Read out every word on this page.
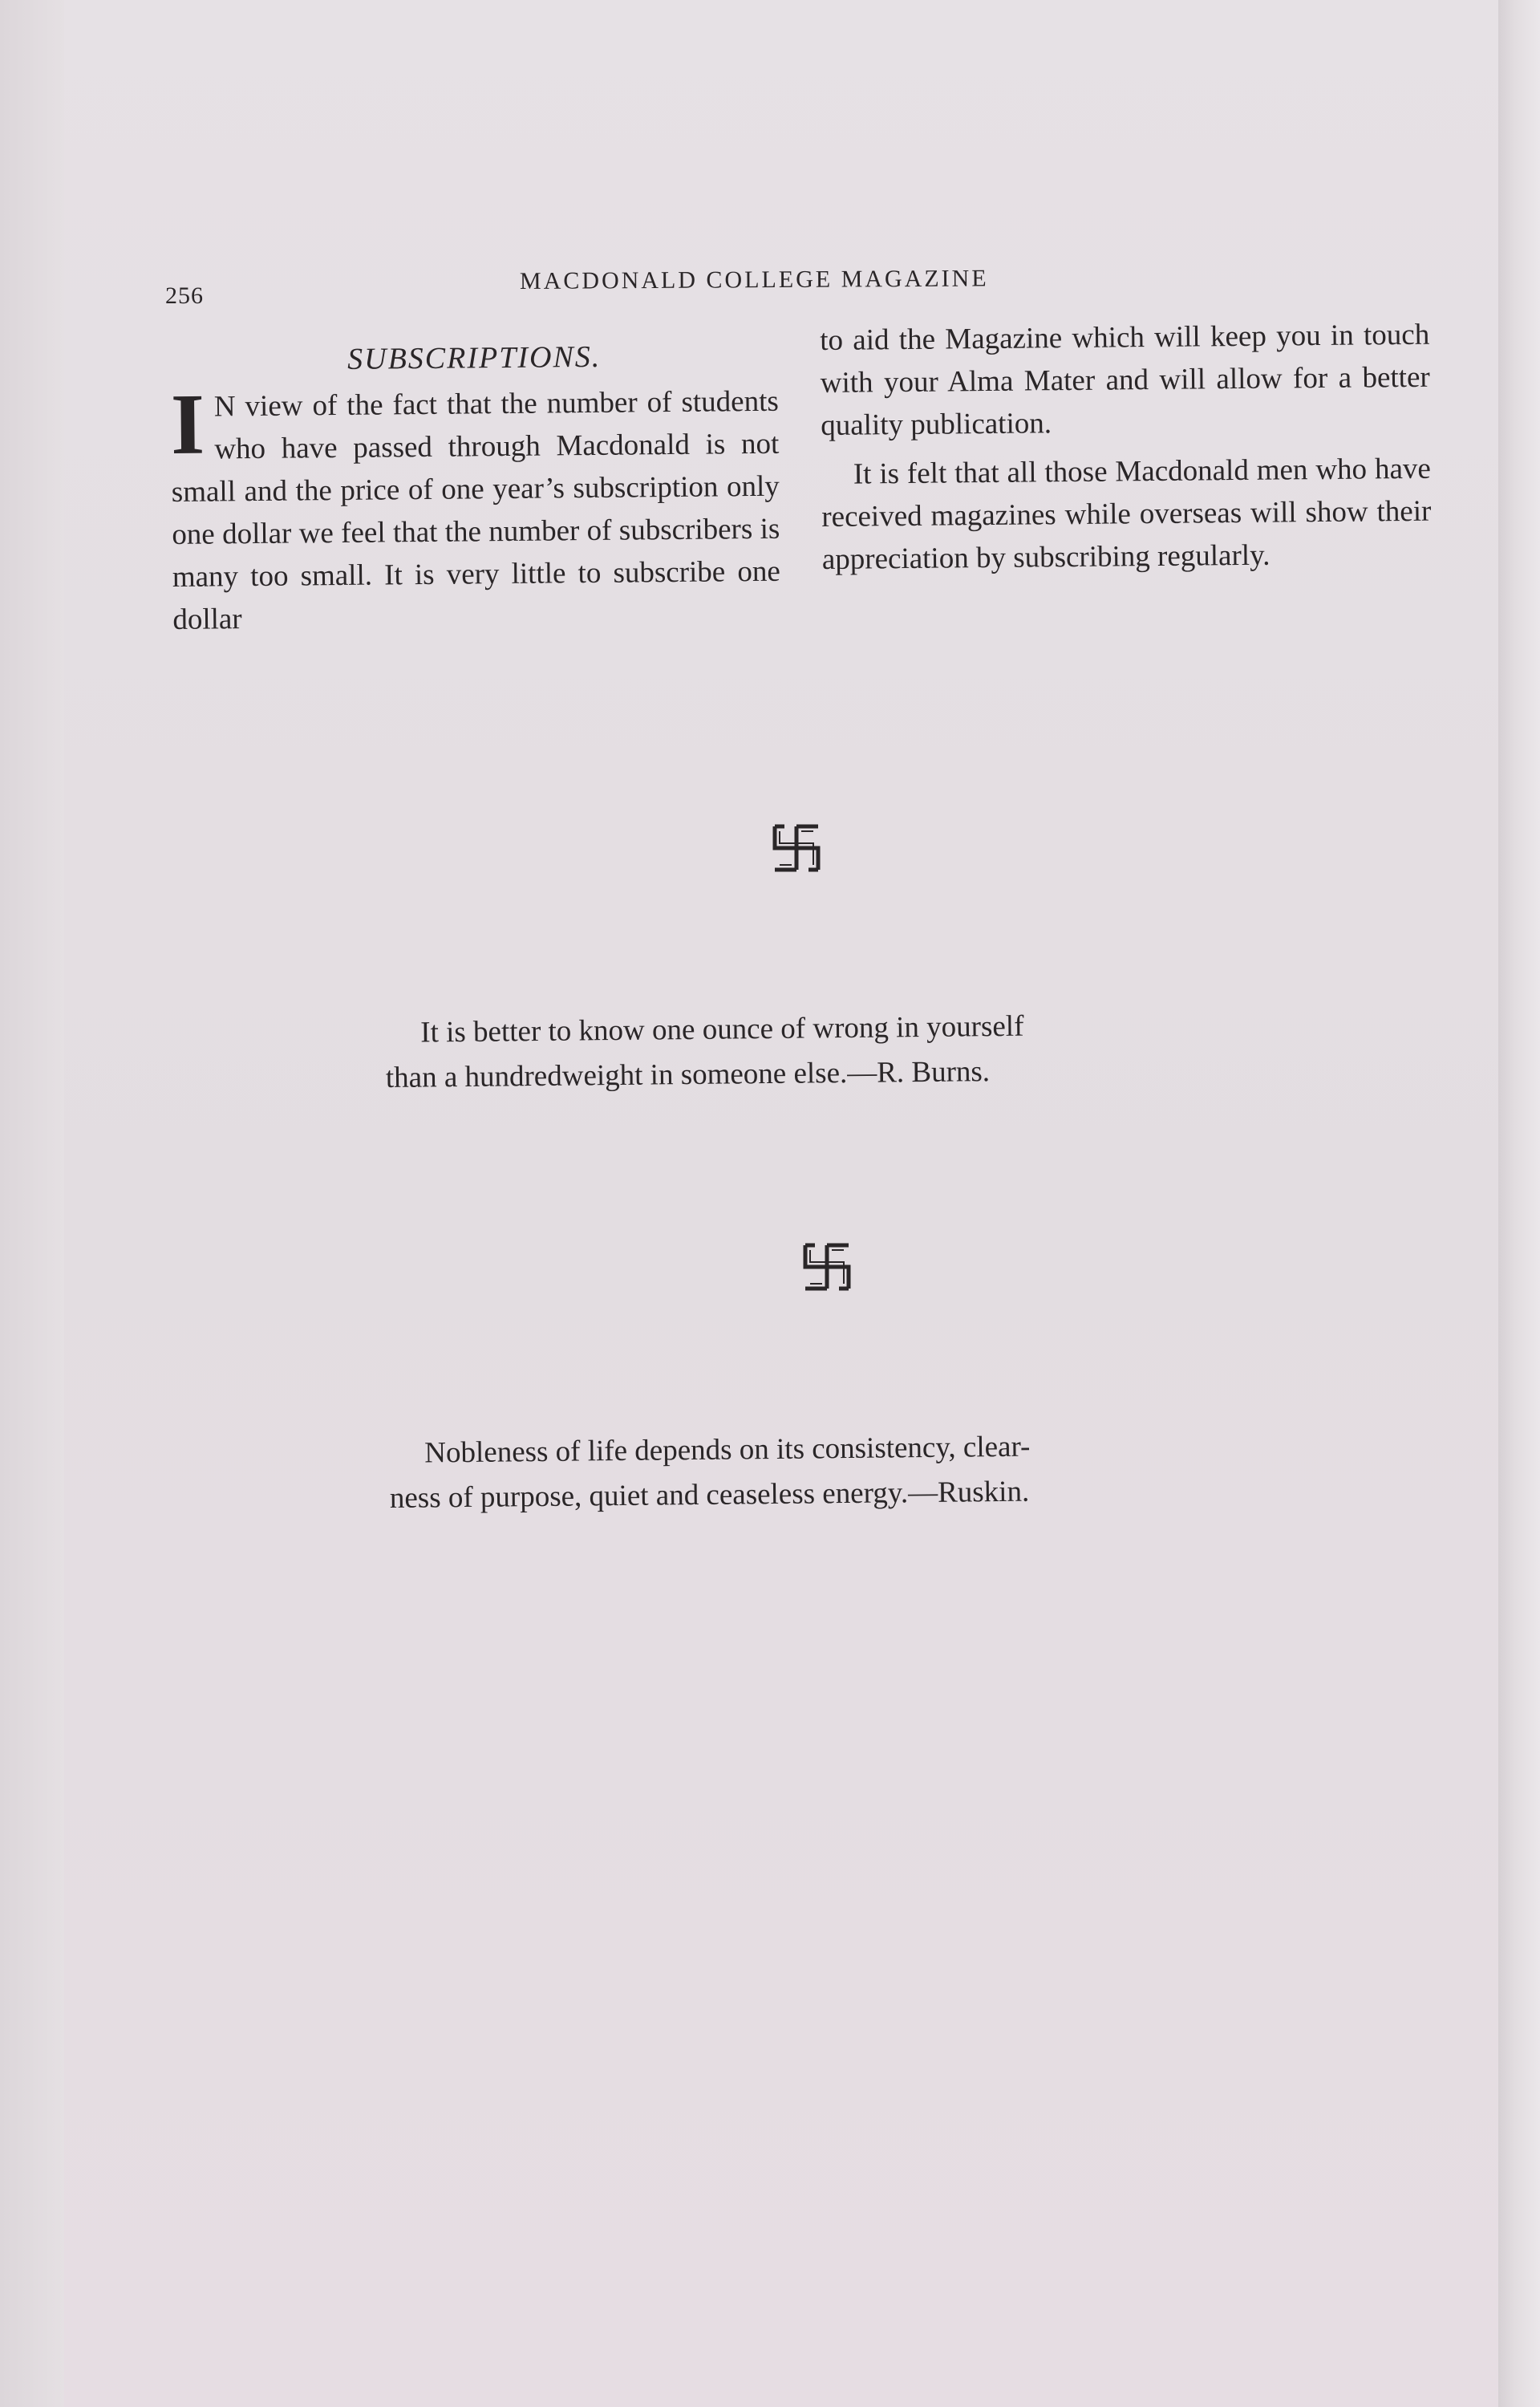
256
MACDONALD COLLEGE MAGAZINE
SUBSCRIPTIONS.

I N view of the fact that the number of students who have passed through Macdonald is not small and the price of one year’s subscription only one dollar we feel that the number of subscribers is many too small. It is very little to subscribe one dollar

to aid the Magazine which will keep you in touch with your Alma Mater and will allow for a better quality publication.

It is felt that all those Macdonald men who have received magazines while overseas will show their appreciation by subscribing regularly.

It is better to know one ounce of wrong in yourself
than a hundredweight in someone else.—R. Burns.
Nobleness of life depends on its consistency, clear-
ness of purpose, quiet and ceaseless energy.—Ruskin.
